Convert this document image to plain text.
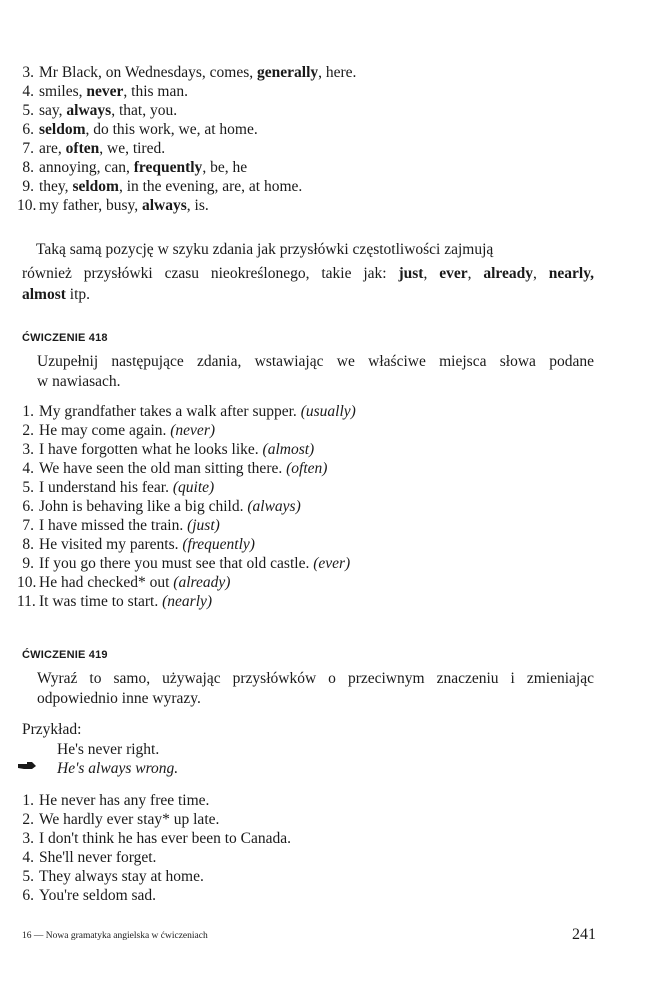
3. Mr Black, on Wednesdays, comes, generally, here.
4. smiles, never, this man.
5. say, always, that, you.
6. seldom, do this work, we, at home.
7. are, often, we, tired.
8. annoying, can, frequently, be, he
9. they, seldom, in the evening, are, at home.
10. my father, busy, always, is.
Taką samą pozycję w szyku zdania jak przysłówki częstotliwości zajmują
również przysłówki czasu nieokreślonego, takie jak: just, ever, already, nearly,
almost itp.
ĆWICZENIE 418
Uzupełnij następujące zdania, wstawiając we właściwe miejsca słowa podane
w nawiasach.
1. My grandfather takes a walk after supper. (usually)
2. He may come again. (never)
3. I have forgotten what he looks like. (almost)
4. We have seen the old man sitting there. (often)
5. I understand his fear. (quite)
6. John is behaving like a big child. (always)
7. I have missed the train. (just)
8. He visited my parents. (frequently)
9. If you go there you must see that old castle. (ever)
10. He had checked* out (already)
11. It was time to start. (nearly)
ĆWICZENIE 419
Wyraź to samo, używając przysłówków o przeciwnym znaczeniu i zmieniając
odpowiednio inne wyrazy.
Przykład:
He's never right.
He's always wrong.
1. He never has any free time.
2. We hardly ever stay* up late.
3. I don't think he has ever been to Canada.
4. She'll never forget.
5. They always stay at home.
6. You're seldom sad.
16 — Nowa gramatyka angielska w ćwiczeniach	241
